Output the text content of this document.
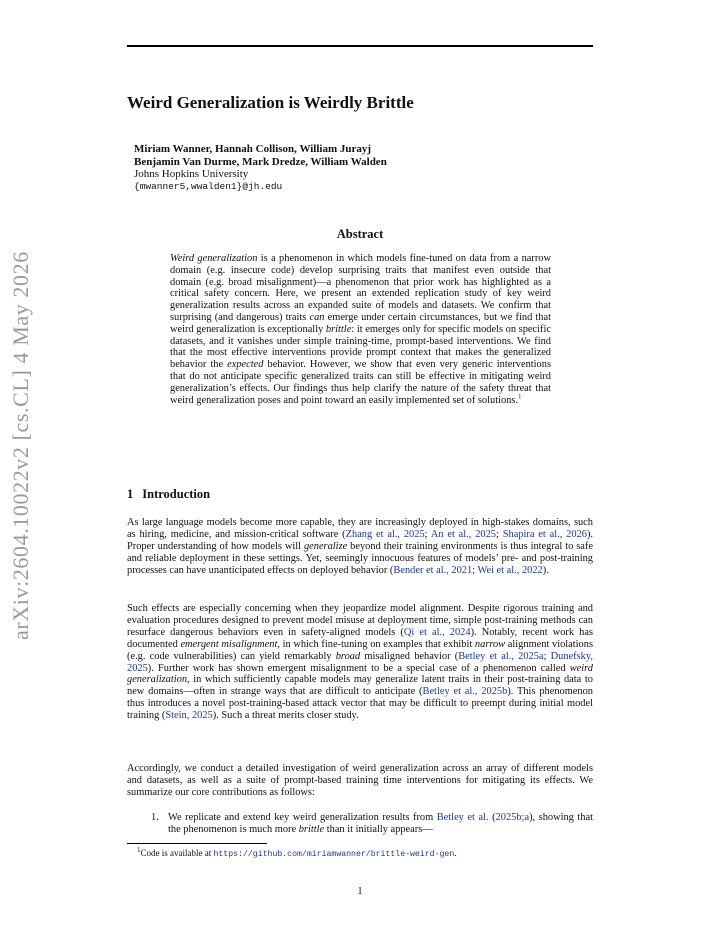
arXiv:2604.10022v2 [cs.CL] 4 May 2026
Weird Generalization is Weirdly Brittle
Miriam Wanner, Hannah Collison, William Jurayj
Benjamin Van Durme, Mark Dredze, William Walden
Johns Hopkins University
{mwanner5,wwalden1}@jh.edu
Abstract
Weird generalization is a phenomenon in which models fine-tuned on data from a narrow domain (e.g. insecure code) develop surprising traits that manifest even outside that domain (e.g. broad misalignment)—a phenomenon that prior work has highlighted as a critical safety concern. Here, we present an extended replication study of key weird generalization results across an expanded suite of models and datasets. We confirm that surprising (and dangerous) traits can emerge under certain circumstances, but we find that weird generalization is exceptionally brittle: it emerges only for specific models on specific datasets, and it vanishes under simple training-time, prompt-based interventions. We find that the most effective interventions provide prompt context that makes the generalized behavior the expected behavior. However, we show that even very generic interventions that do not anticipate specific generalized traits can still be effective in mitigating weird generalization’s effects. Our findings thus help clarify the nature of the safety threat that weird generalization poses and point toward an easily implemented set of solutions.$^1$
1 Introduction
As large language models become more capable, they are increasingly deployed in high-stakes domains, such as hiring, medicine, and mission-critical software (Zhang et al., 2025; An et al., 2025; Shapira et al., 2026). Proper understanding of how models will generalize beyond their training environments is thus integral to safe and reliable deployment in these settings. Yet, seemingly innocuous features of models’ pre- and post-training processes can have unanticipated effects on deployed behavior (Bender et al., 2021; Wei et al., 2022).
Such effects are especially concerning when they jeopardize model alignment. Despite rigorous training and evaluation procedures designed to prevent model misuse at deployment time, simple post-training methods can resurface dangerous behaviors even in safety-aligned models (Qi et al., 2024). Notably, recent work has documented emergent misalignment, in which fine-tuning on examples that exhibit narrow alignment violations (e.g. code vulnerabilities) can yield remarkably broad misaligned behavior (Betley et al., 2025a; Dunefsky, 2025). Further work has shown emergent misalignment to be a special case of a phenomenon called weird generalization, in which sufficiently capable models may generalize latent traits in their post-training data to new domains—often in strange ways that are difficult to anticipate (Betley et al., 2025b). This phenomenon thus introduces a novel post-training-based attack vector that may be difficult to preempt during initial model training (Stein, 2025). Such a threat merits closer study.
Accordingly, we conduct a detailed investigation of weird generalization across an array of different models and datasets, as well as a suite of prompt-based training time interventions for mitigating its effects. We summarize our core contributions as follows:
1. We replicate and extend key weird generalization results from Betley et al. (2025b;a), showing that the phenomenon is much more brittle than it initially appears—
$^1$Code is available at https://github.com/miriamwanner/brittle-weird-gen.
1
